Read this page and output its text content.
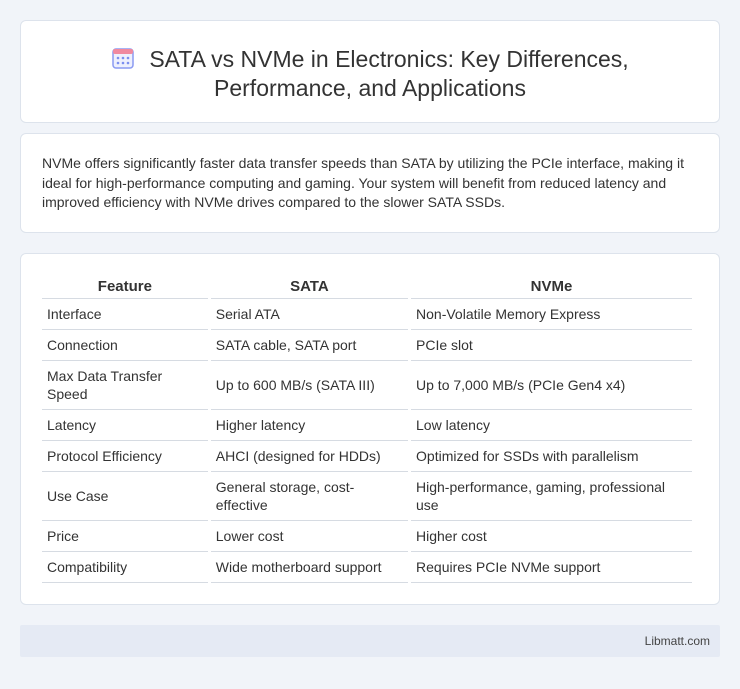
SATA vs NVMe in Electronics: Key Differences,
Performance, and Applications

NVMe offers significantly faster data transfer speeds than SATA by utilizing the PCIe interface, making it ideal for high-performance computing and gaming. Your system will benefit from reduced latency and improved efficiency with NVMe drives compared to the slower SATA SSDs.

Feature	SATA	NVMe
Interface	Serial ATA	Non-Volatile Memory Express
Connection	SATA cable, SATA port	PCIe slot
Max Data Transfer Speed	Up to 600 MB/s (SATA III)	Up to 7,000 MB/s (PCIe Gen4 x4)
Latency	Higher latency	Low latency
Protocol Efficiency	AHCI (designed for HDDs)	Optimized for SSDs with parallelism
Use Case	General storage, cost-effective	High-performance, gaming, professional use
Price	Lower cost	Higher cost
Compatibility	Wide motherboard support	Requires PCIe NVMe support
Libmatt.com
